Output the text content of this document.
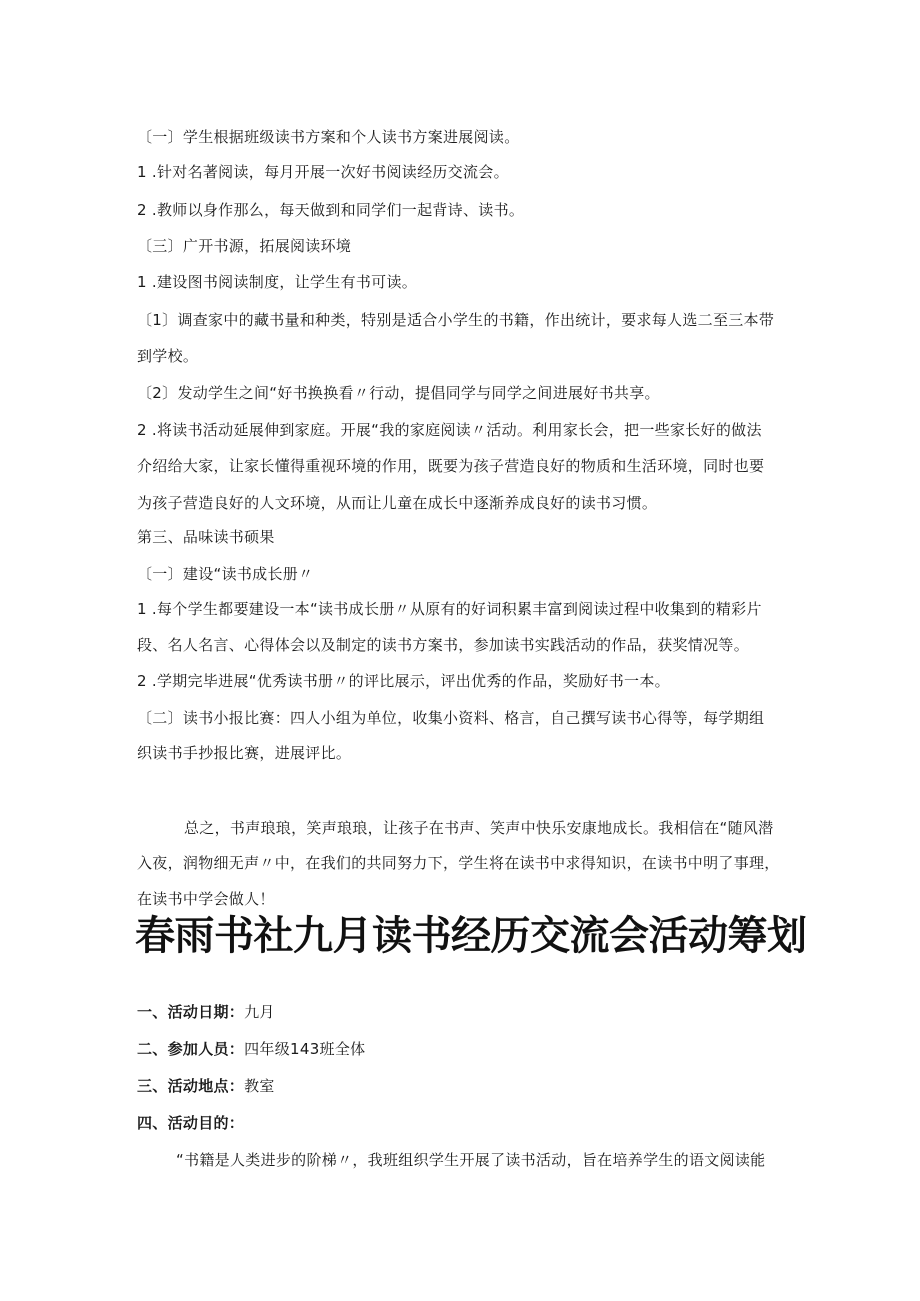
〔一〕学生根据班级读书方案和个人读书方案进展阅读。

1 .针对名著阅读，每月开展一次好书阅读经历交流会。

2 .教师以身作那么，每天做到和同学们一起背诗、读书。

〔三〕广开书源，拓展阅读环境

1 .建设图书阅读制度，让学生有书可读。

〔1〕调查家中的藏书量和种类，特别是适合小学生的书籍，作出统计，要求每人选二至三本带

到学校。

〔2〕发动学生之间“好书换换看〃行动，提倡同学与同学之间进展好书共享。

2 .将读书活动延展伸到家庭。开展“我的家庭阅读〃活动。利用家长会，把一些家长好的做法

介绍给大家，让家长懂得重视环境的作用，既要为孩子营造良好的物质和生活环境，同时也要

为孩子营造良好的人文环境，从而让儿童在成长中逐渐养成良好的读书习惯。

第三、品味读书硕果

〔一〕建设“读书成长册〃

1 .每个学生都要建设一本“读书成长册〃从原有的好词积累丰富到阅读过程中收集到的精彩片

段、名人名言、心得体会以及制定的读书方案书，参加读书实践活动的作品，获奖情况等。

2 .学期完毕进展“优秀读书册〃的评比展示，评出优秀的作品，奖励好书一本。

〔二〕读书小报比赛：四人小组为单位，收集小资料、格言，自己撰写读书心得等，每学期组

织读书手抄报比赛，进展评比。

总之，书声琅琅，笑声琅琅，让孩子在书声、笑声中快乐安康地成长。我相信在“随风潜

入夜，润物细无声〃中，在我们的共同努力下，学生将在读书中求得知识，在读书中明了事理，

在读书中学会做人！

春雨书社九月读书经历交流会活动筹划

一、活动日期：九月

二、参加人员：四年级143班全体

三、活动地点：教室

四、活动目的：

“书籍是人类进步的阶梯〃，我班组织学生开展了读书活动，旨在培养学生的语文阅读能
